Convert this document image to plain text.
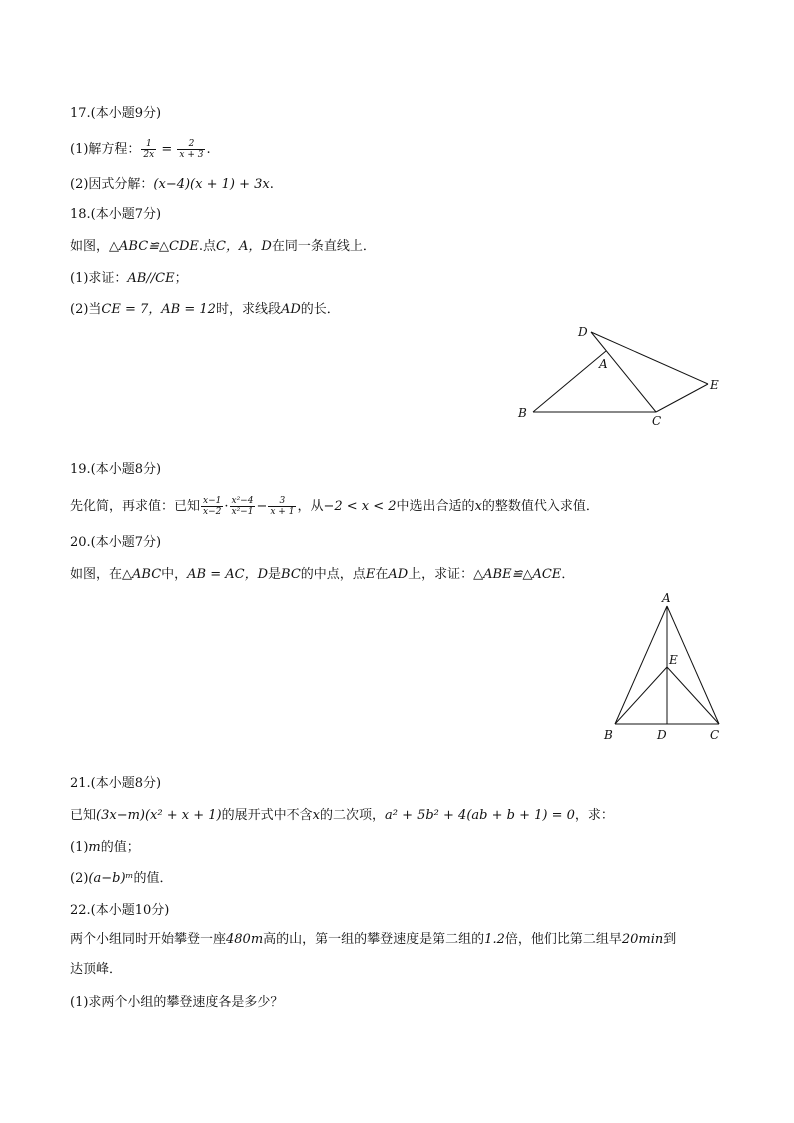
17.(本小题9分)
(1)解方程： $\frac{1}{2x} = \frac{2}{x + 3}$ .
(2)因式分解：(x−4)(x + 1) + 3x.
18.(本小题7分)
如图，△ABC≌△CDE.点C，A，D在同一条直线上．
(1)求证：AB//CE；
(2)当CE = 7，AB = 12时，求线段AD的长．
D
A
E
B
C
19.(本小题8分)
先化简，再求值：已知 $\frac{x-1}{x-2} \cdot \frac{\text{x²−4}}{\text{x²−1}} - \frac{3}{x + 1}$ ，从−2 < x < 2中选出合适的x的整数值代入求值．
20.(本小题7分)
如图，在△ABC中，AB = AC，D是BC的中点，点E在AD上，求证：△ABE≌△ACE．
A
E
B	D	C
21.(本小题8分)
已知(3x−m)(x² + x + 1)的展开式中不含x的二次项，a² + 5b² + 4(ab + b + 1) = 0，求：
(1)m的值；
(2)(a−b)ᵐ的值．
22.(本小题10分)
两个小组同时开始攀登一座480m高的山，第一组的攀登速度是第二组的1.2倍，他们比第二组早20min到
达顶峰．
(1)求两个小组的攀登速度各是多少？
